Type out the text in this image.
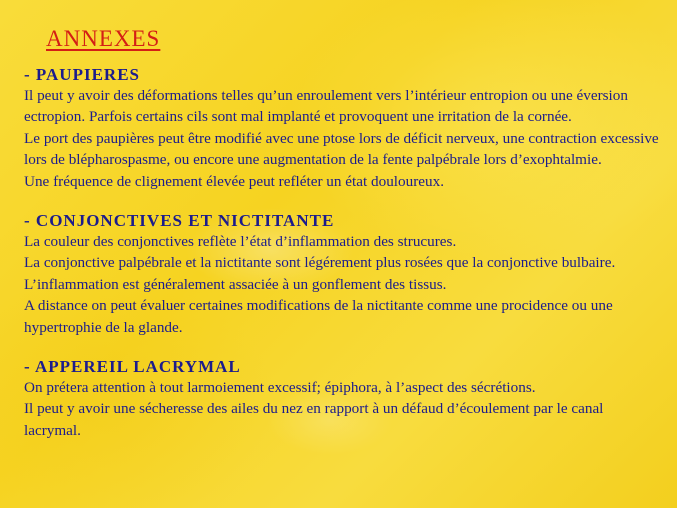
ANNEXES
- PAUPIERES

Il peut y avoir des déformations telles qu’un enroulement vers l’intérieur entropion ou une éversion ectropion. Parfois certains cils sont mal implanté et provoquent une irritation de la cornée.

Le port des paupières peut être modifié avec une ptose lors de déficit nerveux, une contraction excessive lors de blépharospasme, ou encore une augmentation de la fente palpébrale lors d’exophtalmie.

Une fréquence de clignement élevée peut refléter un état douloureux.

- CONJONCTIVES ET NICTITANTE

La couleur des conjonctives reflète l’état d’inflammation des strucures.

La conjonctive palpébrale et la nictitante sont légérement plus rosées que la conjonctive bulbaire. L’inflammation est généralement assaciée à un gonflement des tissus.

A distance on peut évaluer certaines modifications de la nictitante comme une procidence ou une hypertrophie de la glande.

- APPEREIL LACRYMAL

On prétera attention à tout larmoiement excessif; épiphora, à l’aspect des sécrétions.

Il peut y avoir une sécheresse des ailes du nez en rapport à un défaud d’écoulement par le canal lacrymal.
